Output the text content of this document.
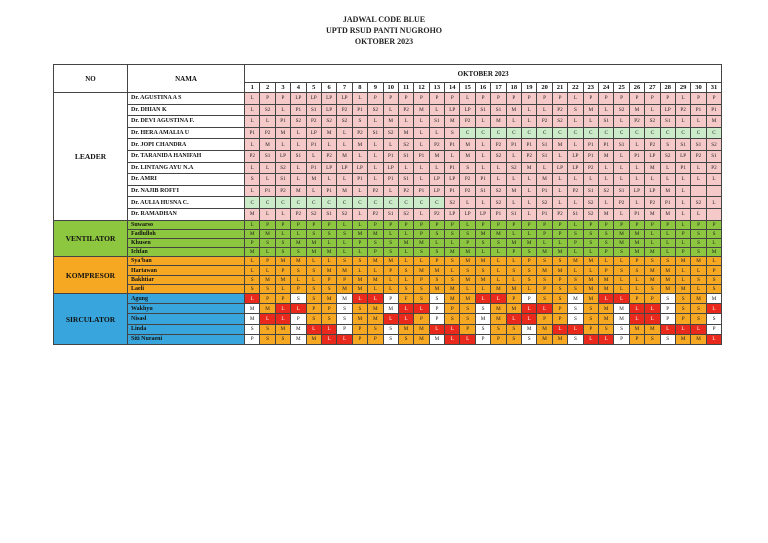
JADWAL CODE BLUE
UPTD RSUD PANTI NUGROHO
OKTOBER 2023
NO	NAMA	OKTOBER 2023																														
		1	2	3	4	5	6	7	8	9	10	11	12	13	14	15	16	17	18	19	20	21	22	23	24	25	26	27	28	29	30	31
LEADER	Dr. AGUSTINA A S	L	P	P	LP	LP	LP	LP	L	P	P	P	P	P	P	L	P	P	P	P	P	P	L	P	P	P	P	P	P	L	P	P
	Dr. DHIAN K	L	S2	L	P1	S1	LP	P2	P1	S2	L	P2	M	L	LP	LP	S1	S1	M	L	L	P2	S	M	L	S2	M	L	LP	P2	P1	P1
	Dr. DEVI AGUSTINA F.	L	L	P1	S2	P2	S2	S2	S	L	M	L	L	S1	M	P2	L	M	L	L	P2	S2	L	L	S1	L	P2	S2	S1	L	L	M
	Dr. HERA AMALIA U	P1	P2	M	L	LP	M	L	P2	S1	S2	M	L	L	S	C	C	C	C	C	C	C	C	C	C	C	C	C	C	C	C	C
	Dr. JOPI CHANDRA	L	M	L	L	P1	L	L	M	L	L	S2	L	P2	P1	M	L	P2	P1	P1	S1	M	L	P1	P1	S1	L	P2	S	S1	S1	S2
	Dr. TARANIDA HANIFAH	P2	S1	LP	S1	L	P2	M	L	L	P1	S1	P1	M	L	M	L	S2	L	P2	S1	L	LP	P1	M	L	P1	LP	S2	LP	P2	S1
	Dr. LINTANG AYU N.A	L	L	S2	L	P1	LP	LP	LP	L	LP	L	L	L	P1	S	L	L	S2	M	L	LP	LP	P2	L	L	L	M	L	P1	L	P2
	Dr. AMRI	S	L	S1	L	M	L	L	P1	L	P1	S1	L	LP	LP	P2	P1	L	L	L	M	L	L	L	L	L	L	L	L	L	L	L
	Dr. NAJIB ROFI'I	L	P1	P2	M	L	P1	M	L	P2	L	P2	P1	LP	P1	P2	S1	S2	M	L	P1	L	P2	S1	S2	S1	LP	LP	M	L		
	Dr. AULIA HUSNA C.	C	C	C	C	C	C	C	C	C	C	C	C	C	S2	L	L	S2	L	L	S2	L	L	S2	L	P2	L	P2	P1	L	S2	L
	Dr. RAMADHAN	M	L	L	P2	S2	S1	S2	L	P2	S1	S2	L	P2	LP	LP	LP	P1	S1	L	P1	P2	S1	S2	M	L	P1	M	M	L	L	
VENTILATOR	Suwarso	L	P	P	P	P	P	L	L	P	P	P	P	P	P	L	P	P	P	P	P	P	L	P	P	P	P	P	P	L	P	P
	Fadlulloh	M	M	L	L	S	S	S	M	M	L	L	P	S	S	S	M	M	L	L	P	P	S	S	S	M	M	L	L	P	S	S
	Khusen	P	S	S	M	M	L	L	P	S	S	M	M	L	L	P	S	S	M	M	L	L	P	S	S	M	M	L	L	L	S	L
	Ichfan	M	L	S	S	M	M	L	L	P	S	L	S	S	M	M	L	L	P	S	M	M	L	L	P	S	M	M	L	P	S	M
KOMPRESOR	Sya'ban	L	P	M	M	L	L	S	S	M	M	L	L	P	S	M	M	L	L	P	S	S	M	M	L	L	P	S	S	M	M	L
	Hartawan	L	L	P	S	S	M	M	L	L	P	S	M	M	L	S	S	L	S	S	M	M	L	L	P	S	S	M	M	L	L	P
	Bakhtiar	S	M	M	L	L	P	P	M	M	L	L	P	S	S	M	M	L	L	S	S	P	S	M	M	L	L	M	M	L	S	S
	Laeli	S	S	L	P	S	S	M	M	L	L	S	S	M	M	L	L	M	M	L	P	S	S	M	M	L	L	S	M	M	L	S
SIRCULATOR	Agung	L	P	P	S	S	M	M	L	L	P	F	S	S	M	M	L	L	P	P	S	S	M	M	L	L	P	P	S	S	M	M
	Wakhyu	M	M	L	L	P	P	S	S	M	M	L	L	P	P	S	S	M	M	L	L	P	S	S	M	M	L	L	P	S	S	L
	Nisasl	M	L	L	P	S	S	S	M	M	L	L	P	P	S	S	M	M	L	L	P	P	S	S	M	M	L	L	P	P	S	S
	Linda	S	S	M	M	L	L	P	P	S	S	M	M	L	L	P	S	S	S	M	M	L	L	P	S	S	M	M	L	L	L	P
	Siti Nuraeni	P	S	S	M	M	L	L	P	P	S	S	M	M	L	L	P	P	S	S	M	M	S	L	L	P	P	S	S	M	M	L
